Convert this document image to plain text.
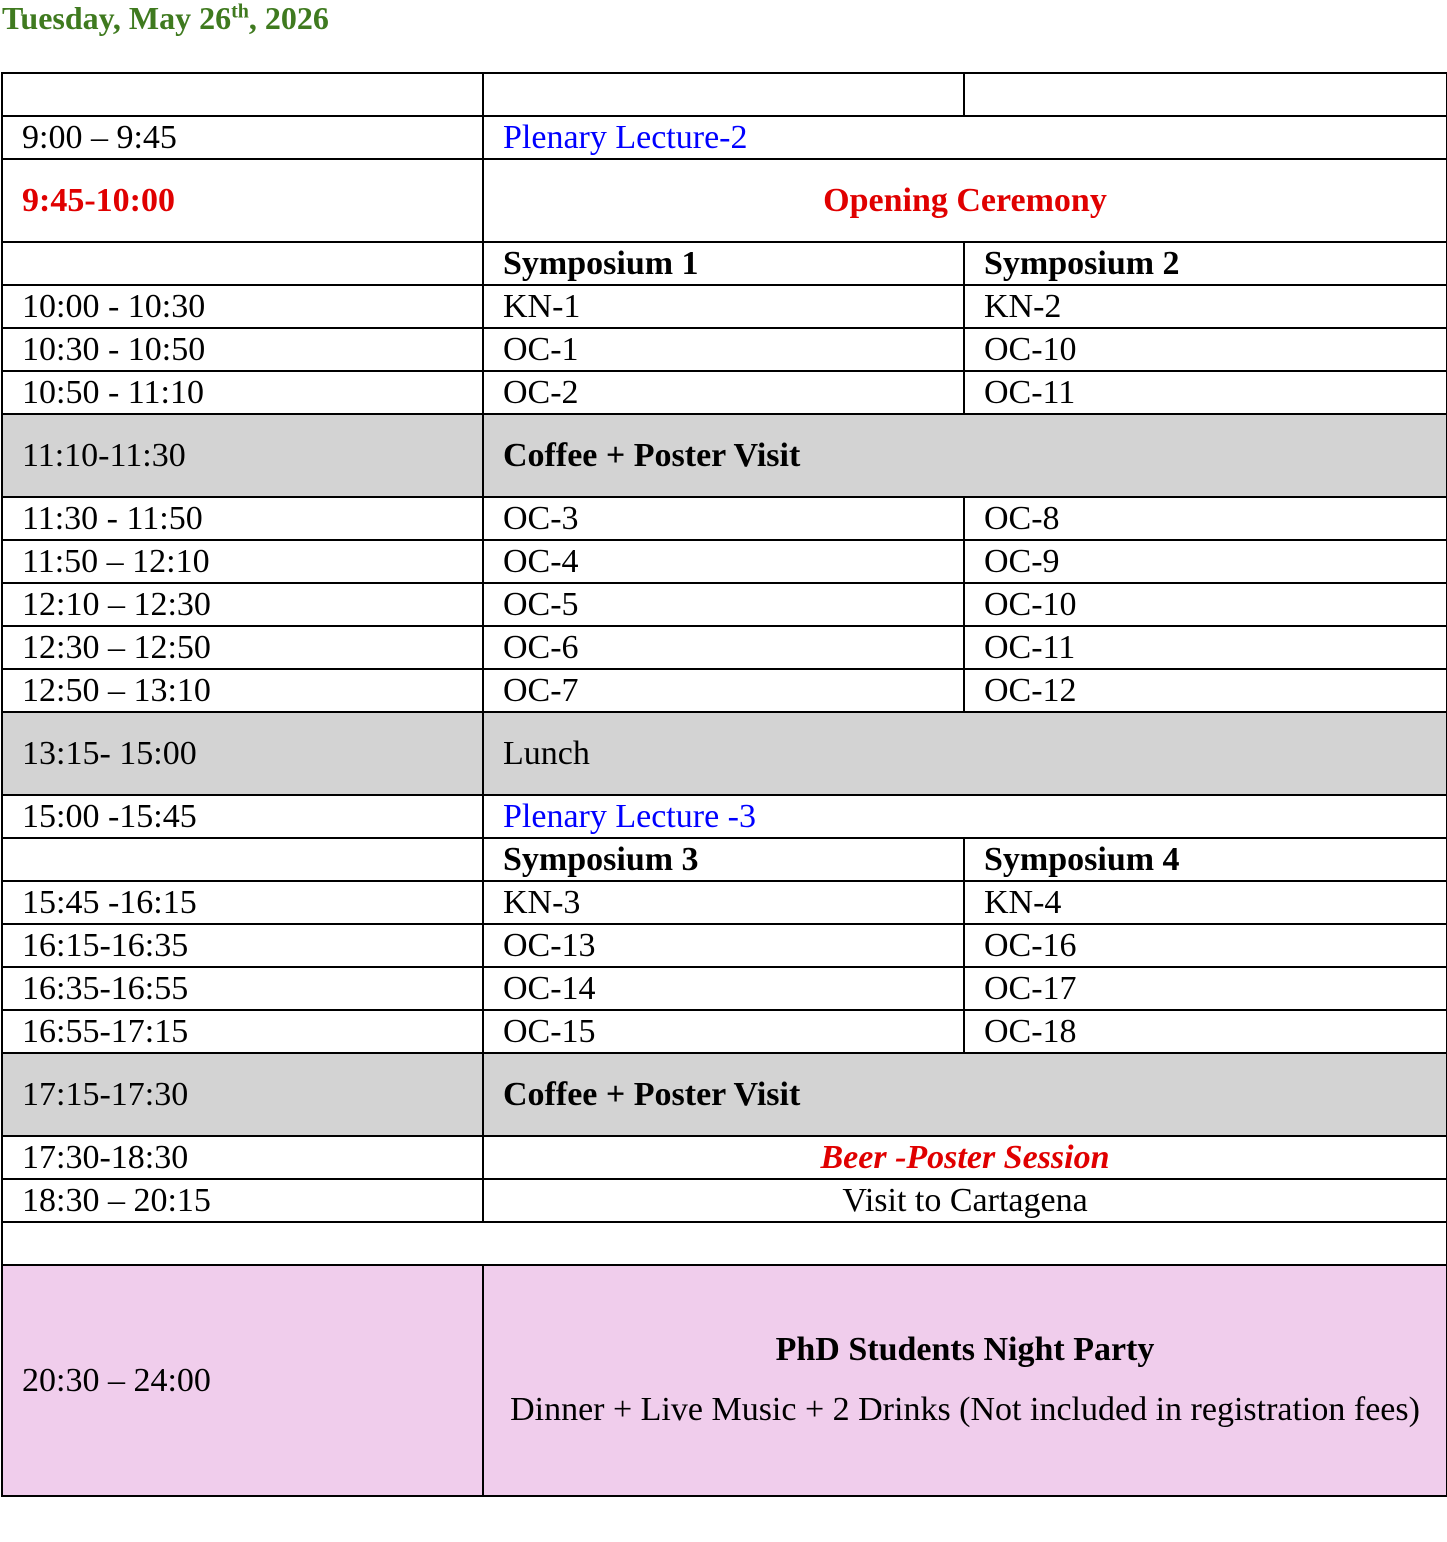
Tuesday, May 26th, 2026

9:00 – 9:45	Plenary Lecture-2	
9:45-10:00	Opening Ceremony	
	Symposium 1	Symposium 2
10:00 - 10:30	KN-1	KN-2
10:30 - 10:50	OC-1	OC-10
10:50 - 11:10	OC-2	OC-11
11:10-11:30	Coffee + Poster Visit	
11:30 - 11:50	OC-3	OC-8
11:50 – 12:10	OC-4	OC-9
12:10 – 12:30	OC-5	OC-10
12:30 – 12:50	OC-6	OC-11
12:50 – 13:10	OC-7	OC-12
13:15- 15:00	Lunch	
15:00 -15:45	Plenary Lecture -3	
	Symposium 3	Symposium 4
15:45 -16:15	KN-3	KN-4
16:15-16:35	OC-13	OC-16
16:35-16:55	OC-14	OC-17
16:55-17:15	OC-15	OC-18
17:15-17:30	Coffee + Poster Visit	
17:30-18:30	Beer -Poster Session	
18:30 – 20:15	Visit to Cartagena	

20:30 – 24:00	PhD Students Night Party
Dinner + Live Music + 2 Drinks (Not included in registration fees)	
